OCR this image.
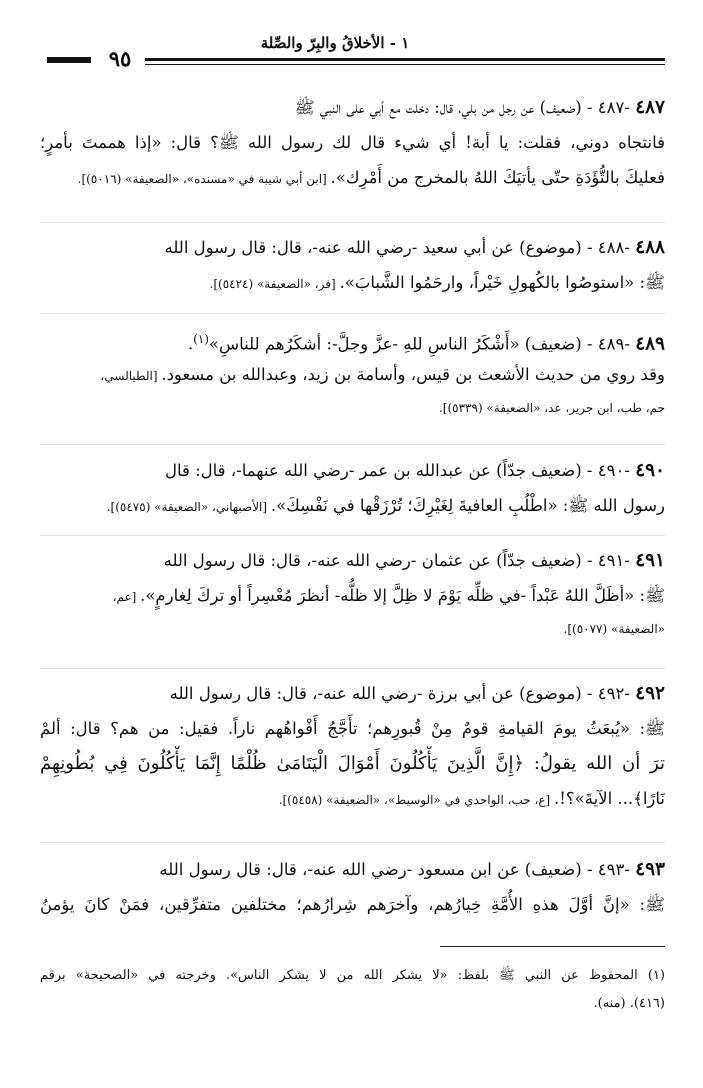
١ - الأخلاقُ والبِرّ والصِّلة
٩٥
٤٨٧ -٤٨٧ - (ضعيف) عن رجل من بلي، قال: دخلت مع أبي على النبي ﷺ
فانتجاه دوني، فقلت: يا أبة! أي شيء قال لك رسول الله ﷺ؟ قال: «إذا هممتَ بأمرٍ؛
فعليكَ بالتُّؤَدَةِ حتّى يأتيَكَ اللهُ بالمخرج من أَمْرِك». [ابن أبي شيبة في «مسنده»، «الضعيفة» (٥٠١٦)].
٤٨٨ -٤٨٨ - (موضوع) عن أبي سعيد -رضي الله عنه-، قال: قال رسول الله
ﷺ: «استوصُوا بالكُهولِ خَيْراً، وارحَمُوا الشَّبابَ». [فر، «الضعيفة» (٥٤٢٤)].
٤٨٩ -٤٨٩ - (ضعيف) «أَشْكَرُ الناسِ للهِ -عزَّ وجلَّ-: أشكَرُهم للناسِ»$^{(١)}$.
وقد روي من حديث الأشعث بن قيس، وأسامة بن زيد، وعبدالله بن مسعود. [الطيالسي،
حم، طب، ابن جرير، عد، «الضعيفة» (٥٣٣٩)].
٤٩٠ -٤٩٠ - (ضعيف جدّاً) عن عبدالله بن عمر -رضي الله عنهما-، قال: قال
رسول الله ﷺ: «اطْلُبِ العافيةَ لِغَيْرِكَ؛ تُرْزَقْها في نَفْسِكَ». [الأصبهاني، «الضعيفة» (٥٤٧٥)].
٤٩١ -٤٩١ - (ضعيف جدّاً) عن عثمان -رضي الله عنه-، قال: قال رسول الله
ﷺ: «أظَلَّ اللهُ عَبْداً -في ظلِّه يَوْمَ لا ظِلَّ إلا ظلُّه- أنظرَ مُعْسِراً أو تركَ لِغارمٍ». [عم،
«الضعيفة» (٥٠٧٧)].
٤٩٢ -٤٩٢ - (موضوع) عن أبي برزة -رضي الله عنه-، قال: قال رسول الله
ﷺ: «يُبعَثُ يومَ القيامةِ قومٌ مِنْ قُبورِهم؛ تأَجَّجُ أَفْواهُهم ناراً. فقيل: من هم؟ قال: ألمْ
ترَ أن الله يقولُ: ﴿إِنَّ الَّذِينَ يَأْكُلُونَ أَمْوَالَ الْيَتَامَىٰ ظُلْمًا إِنَّمَا يَأْكُلُونَ فِي بُطُونِهِمْ
نَارًا﴾... الآيةَ»؟!. [ع، حب، الواحدي في «الوسيط»، «الضعيفة» (٥٤٥٨)].
٤٩٣ -٤٩٣ - (ضعيف) عن ابن مسعود -رضي الله عنه-، قال: قال رسول الله
ﷺ: «إنَّ أوَّلَ هذهِ الأُمَّةِ خِيارُهم، وآخرَهم شِرارُهم؛ مختلفين متفرِّقين، فمَنْ كانَ يؤمنُ
(١) المحفوظ عن النبي ﷺ بلفظ: «لا يشكر الله من لا يشكر الناس». وخرجته في «الصحيحة» برقم
(٤١٦). (منه).
